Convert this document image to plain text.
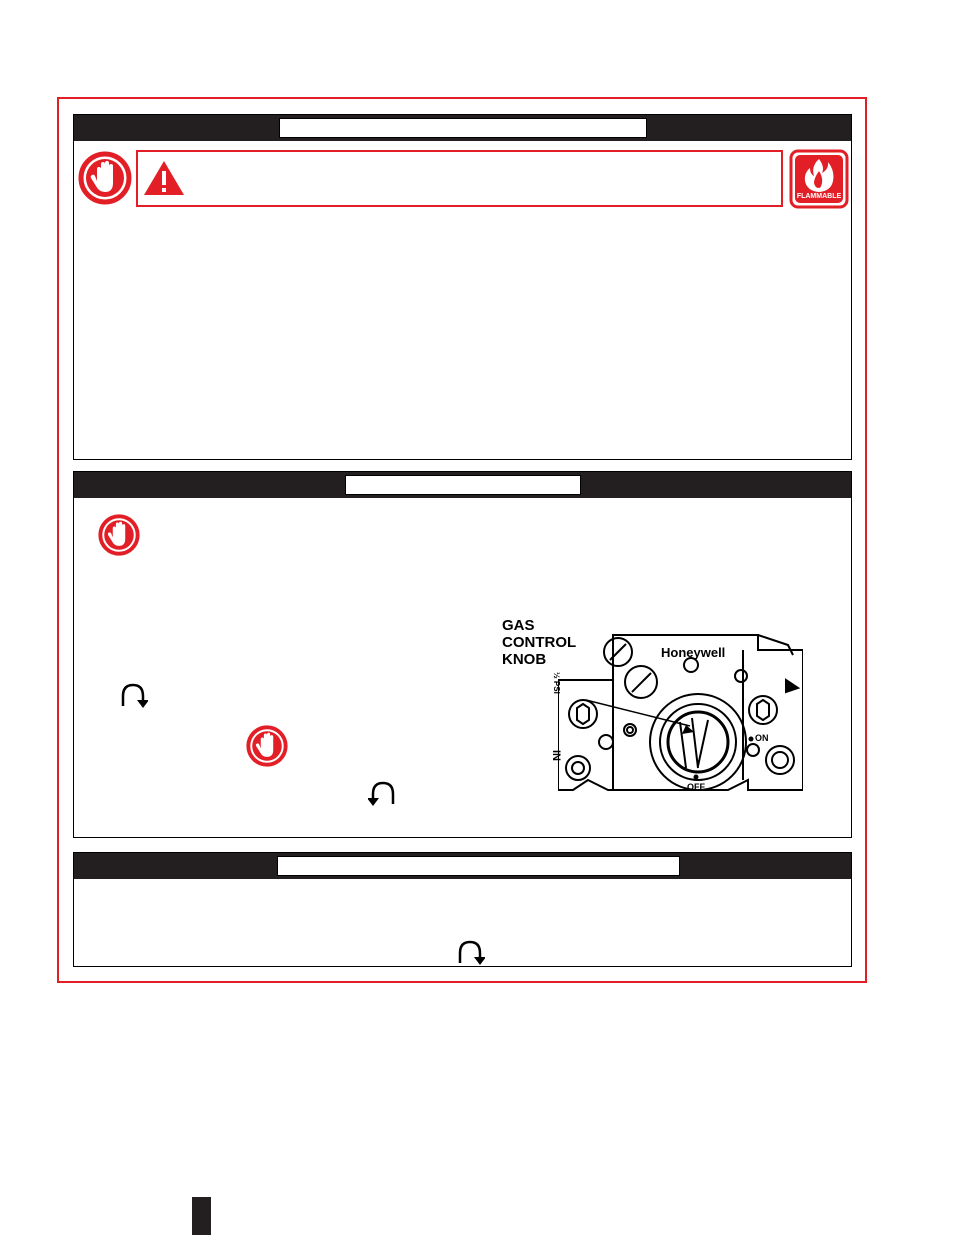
FLAMMABLE
GAS
CONTROL
KNOB	Honeywell
½ PSI
IN
ON
OFF
